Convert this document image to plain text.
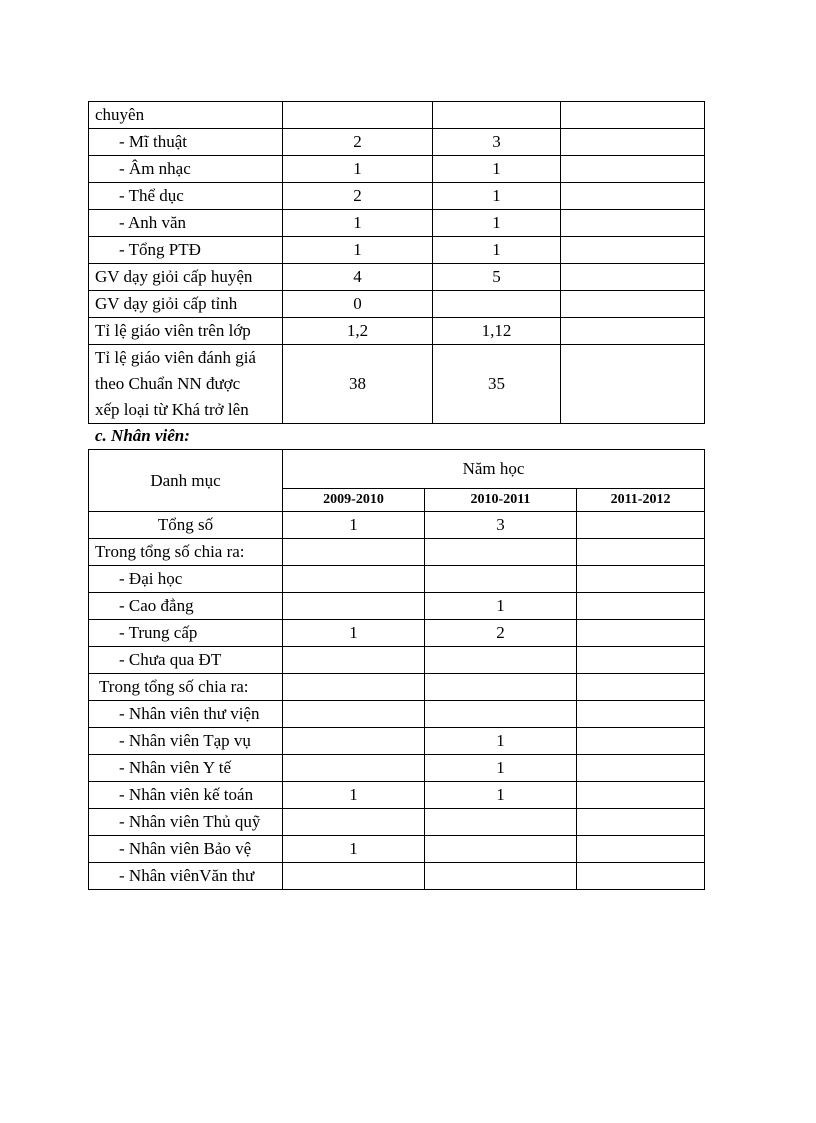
chuyên			
- Mĩ thuật	2	3	
- Âm nhạc	1	1	
- Thể dục	2	1	
- Anh văn	1	1	
- Tổng PTĐ	1	1	
GV dạy giỏi cấp huyện	4	5	
GV dạy giỏi cấp tỉnh	0		
Tỉ lệ giáo viên trên lớp	1,2	1,12	

Tỉ lệ giáo viên đánh giá
theo Chuẩn NN được
xếp loại từ Khá trở lên	38	35	
c. Nhân viên:
Danh mục	Năm học		
	2009-2010	2010-2011	2011-2012
Tổng số	1	3	
Trong tổng số chia ra:			
- Đại học			
- Cao đẳng		1	
- Trung cấp	1	2	
- Chưa qua ĐT			
Trong tổng số chia ra:			
- Nhân viên thư viện			
- Nhân viên Tạp vụ		1	
- Nhân viên Y tế		1	
- Nhân viên kế toán	1	1	
- Nhân viên Thủ quỹ			
- Nhân viên Bảo vệ	1		
- Nhân viênVăn thư			
